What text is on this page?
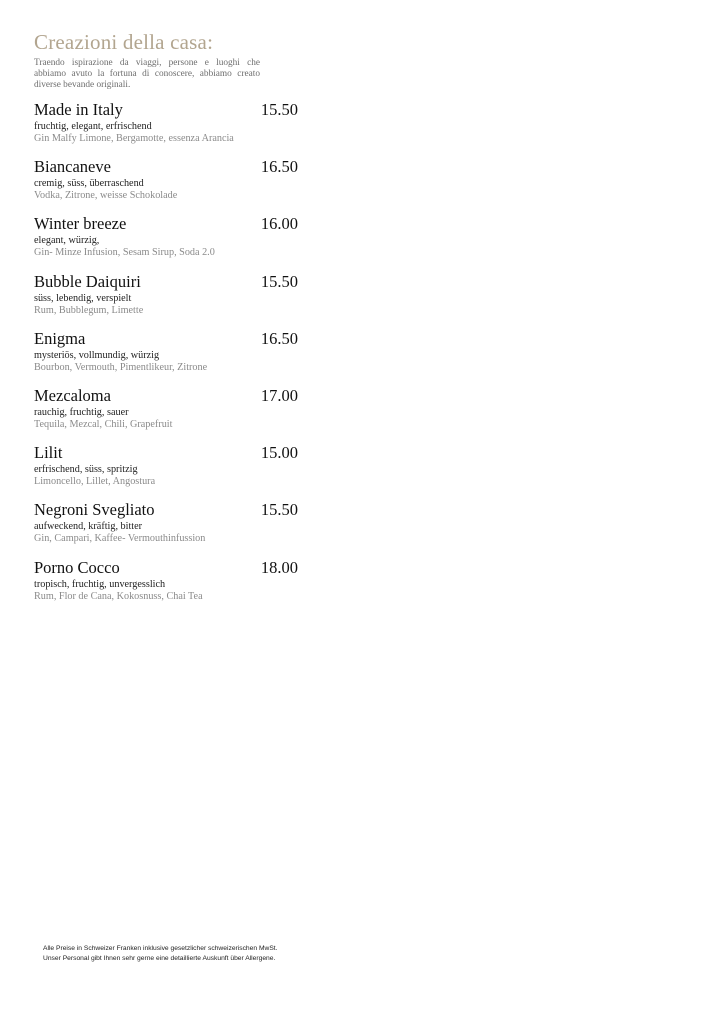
Creazioni della casa:
Traendo ispirazione da viaggi, persone e luoghi che abbiamo avuto la fortuna di conoscere, abbiamo creato diverse bevande originali.
Made in Italy	15.50
fruchtig, elegant, erfrischend
Gin Malfy Limone, Bergamotte, essenza Arancia
Biancaneve	16.50
cremig, süss, überraschend
Vodka, Zitrone, weisse Schokolade
Winter breeze	16.00
elegant, würzig,
Gin- Minze Infusion, Sesam Sirup, Soda 2.0
Bubble Daiquiri	15.50
süss, lebendig, verspielt
Rum, Bubblegum, Limette
Enigma	16.50
mysteriös, vollmundig, würzig
Bourbon, Vermouth, Pimentlikeur, Zitrone
Mezcaloma	17.00
rauchig, fruchtig, sauer
Tequila, Mezcal, Chili, Grapefruit
Lilit	15.00
erfrischend, süss, spritzig
Limoncello, Lillet, Angostura
Negroni Svegliato	15.50
aufweckend, kräftig, bitter
Gin, Campari, Kaffee- Vermouthinfussion
Porno Cocco	18.00
tropisch, fruchtig, unvergesslich
Rum, Flor de Cana, Kokosnuss, Chai Tea
Alle Preise in Schweizer Franken inklusive gesetzlicher schweizerischen MwSt.
Unser Personal gibt Ihnen sehr gerne eine detaillierte Auskunft über Allergene.
